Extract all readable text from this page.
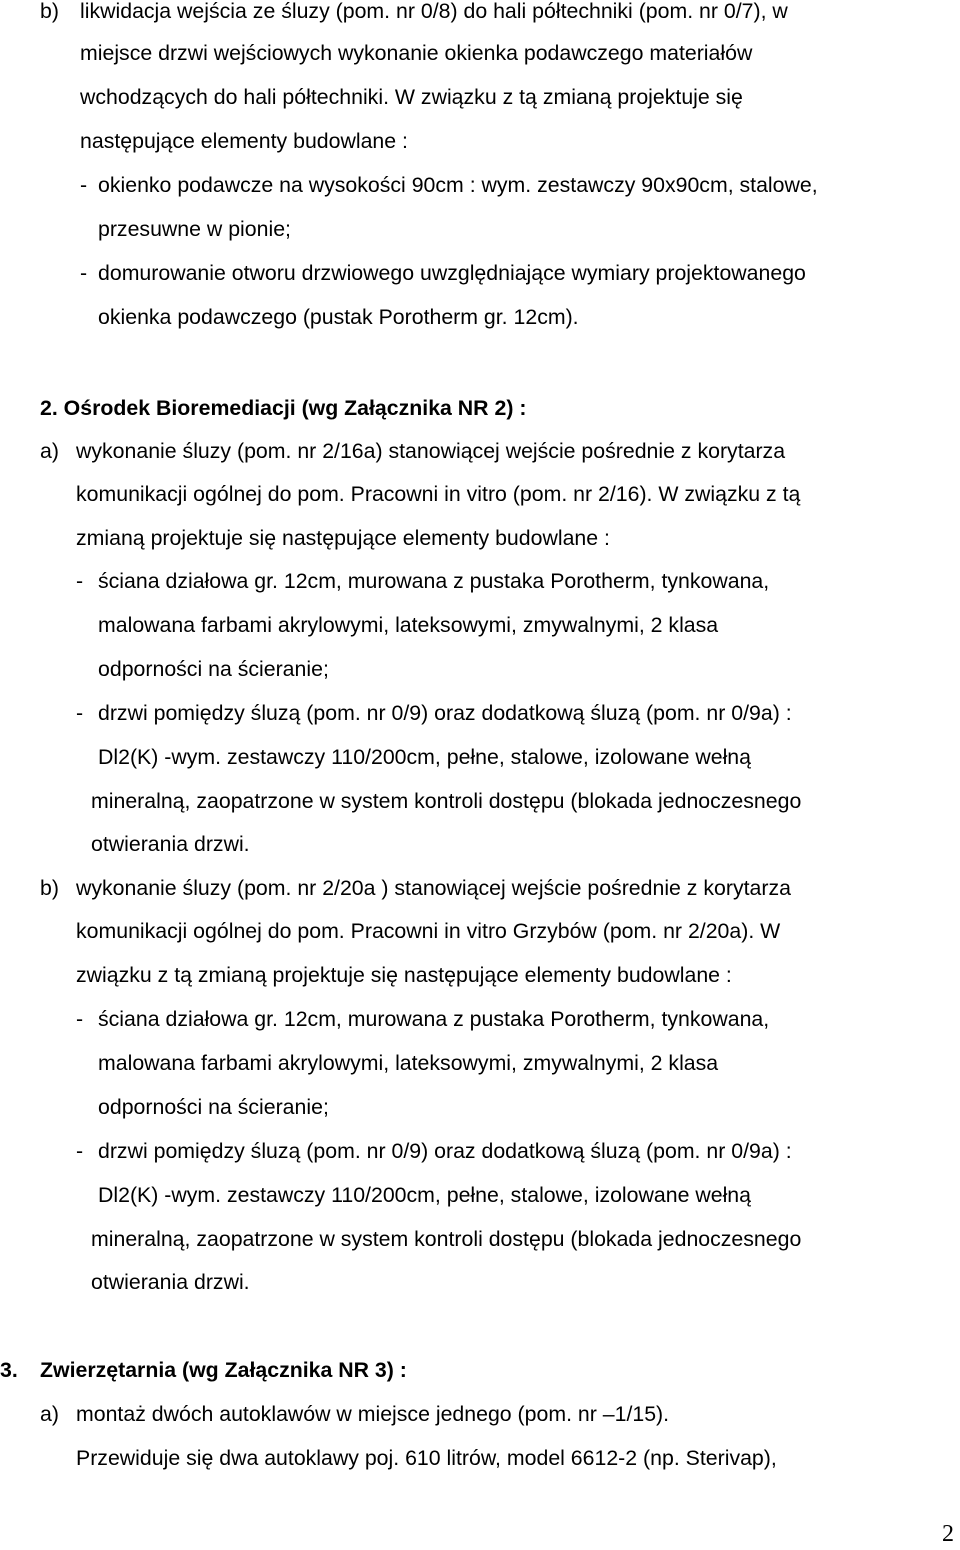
b) likwidacja wejścia ze śluzy (pom. nr 0/8) do hali półtechniki (pom. nr 0/7), w

miejsce drzwi wejściowych wykonanie okienka podawczego materiałów

wchodzących do hali półtechniki. W związku z tą zmianą projektuje się

następujące elementy budowlane :

- okienko podawcze na wysokości 90cm : wym. zestawczy 90x90cm, stalowe,

przesuwne w pionie;

- domurowanie otworu drzwiowego uwzględniające wymiary projektowanego

okienka podawczego (pustak Porotherm gr. 12cm).

2. Ośrodek Bioremediacji (wg Załącznika NR 2) :

a) wykonanie śluzy (pom. nr 2/16a) stanowiącej wejście pośrednie z korytarza

komunikacji ogólnej do pom. Pracowni in vitro (pom. nr 2/16). W związku z tą

zmianą projektuje się następujące elementy budowlane :

- ściana działowa gr. 12cm, murowana z pustaka Porotherm, tynkowana,

malowana farbami akrylowymi, lateksowymi, zmywalnymi, 2 klasa

odporności na ścieranie;

- drzwi pomiędzy śluzą (pom. nr 0/9) oraz dodatkową śluzą (pom. nr 0/9a) :

Dl2(K) -wym. zestawczy 110/200cm, pełne, stalowe, izolowane wełną

mineralną, zaopatrzone w system kontroli dostępu (blokada jednoczesnego

otwierania drzwi.

b) wykonanie śluzy (pom. nr 2/20a ) stanowiącej wejście pośrednie z korytarza

komunikacji ogólnej do pom. Pracowni in vitro Grzybów (pom. nr 2/20a). W

związku z tą zmianą projektuje się następujące elementy budowlane :

- ściana działowa gr. 12cm, murowana z pustaka Porotherm, tynkowana,

malowana farbami akrylowymi, lateksowymi, zmywalnymi, 2 klasa

odporności na ścieranie;

- drzwi pomiędzy śluzą (pom. nr 0/9) oraz dodatkową śluzą (pom. nr 0/9a) :

Dl2(K) -wym. zestawczy 110/200cm, pełne, stalowe, izolowane wełną

mineralną, zaopatrzone w system kontroli dostępu (blokada jednoczesnego

otwierania drzwi.

3. Zwierzętarnia (wg Załącznika NR 3) :

a) montaż dwóch autoklawów w miejsce jednego (pom. nr –1/15).

Przewiduje się dwa autoklawy poj. 610 litrów, model 6612-2 (np. Sterivap),

2
